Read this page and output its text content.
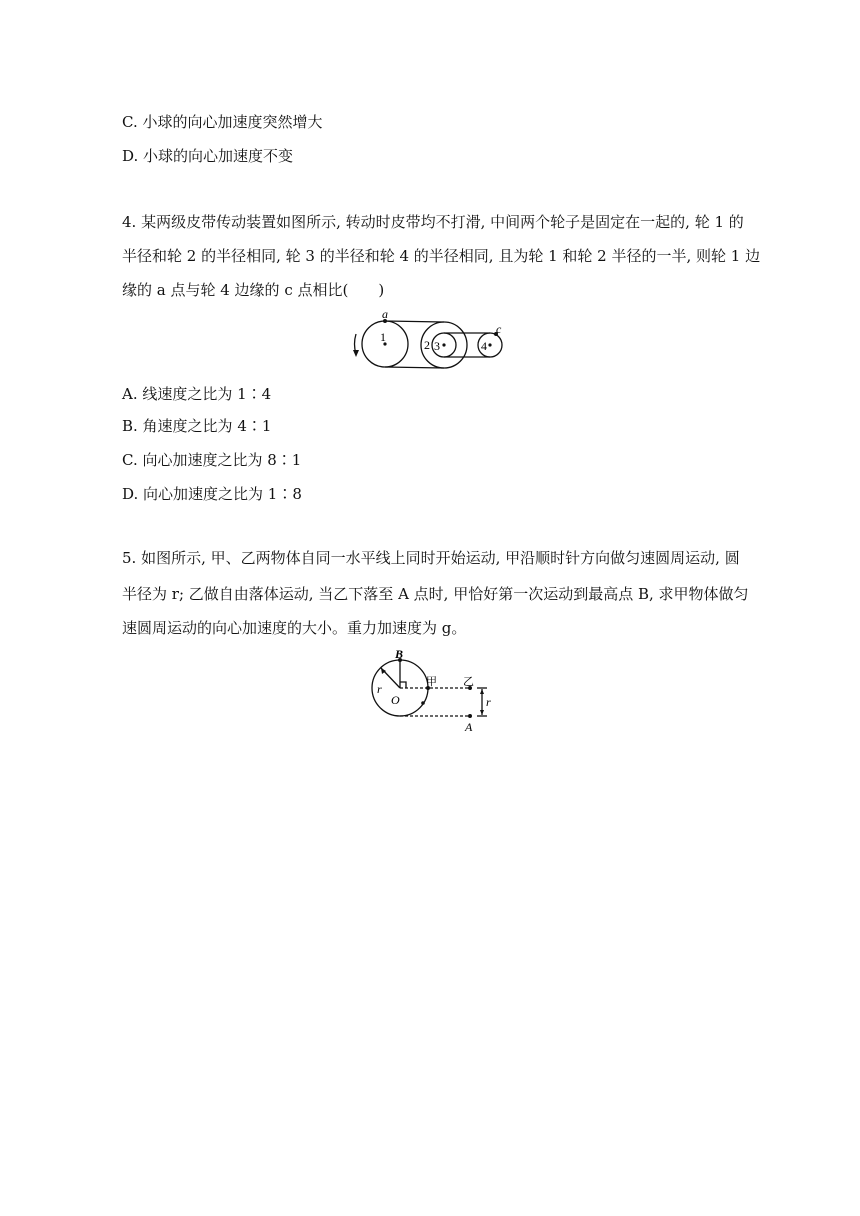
C. 小球的向心加速度突然增大
D. 小球的向心加速度不变
4. 某两级皮带传动装置如图所示, 转动时皮带均不打滑, 中间两个轮子是固定在一起的, 轮 1 的
半径和轮 2 的半径相同, 轮 3 的半径和轮 4 的半径相同, 且为轮 1 和轮 2 半径的一半, 则轮 1 边
缘的 a 点与轮 4 边缘的 c 点相比(　　)
a
c
1
2 3	4
A. 线速度之比为 1∶4
B. 角速度之比为 4∶1
C. 向心加速度之比为 8∶1
D. 向心加速度之比为 1∶8
5. 如图所示, 甲、乙两物体自同一水平线上同时开始运动, 甲沿顺时针方向做匀速圆周运动, 圆
半径为 r; 乙做自由落体运动, 当乙下落至 A 点时, 甲恰好第一次运动到最高点 B, 求甲物体做匀
速圆周运动的向心加速度的大小。重力加速度为 g。
B
r
O
甲 乙
r
A
